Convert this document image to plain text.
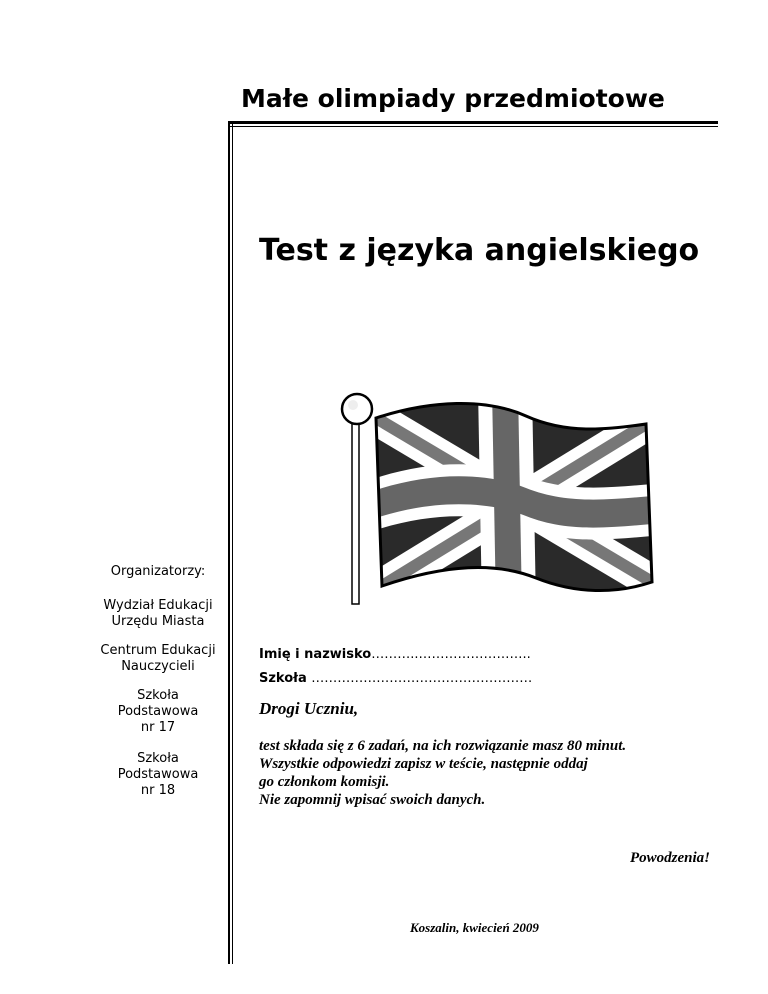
Małe olimpiady przedmiotowe
Test z języka angielskiego
Organizatorzy:
Wydział Edukacji
Urzędu Miasta
Centrum Edukacji
Nauczycieli
Szkoła
Podstawowa
nr 17
Szkoła
Podstawowa
nr 18
Imię i nazwisko………..……………………..
Szkoła ……………………………………………
Drogi Uczniu,
test składa się z 6 zadań, na ich rozwiązanie masz 80 minut.
Wszystkie odpowiedzi zapisz w teście, następnie oddaj
go członkom komisji.
Nie zapomnij wpisać swoich danych.
Powodzenia!
Koszalin, kwiecień 2009
